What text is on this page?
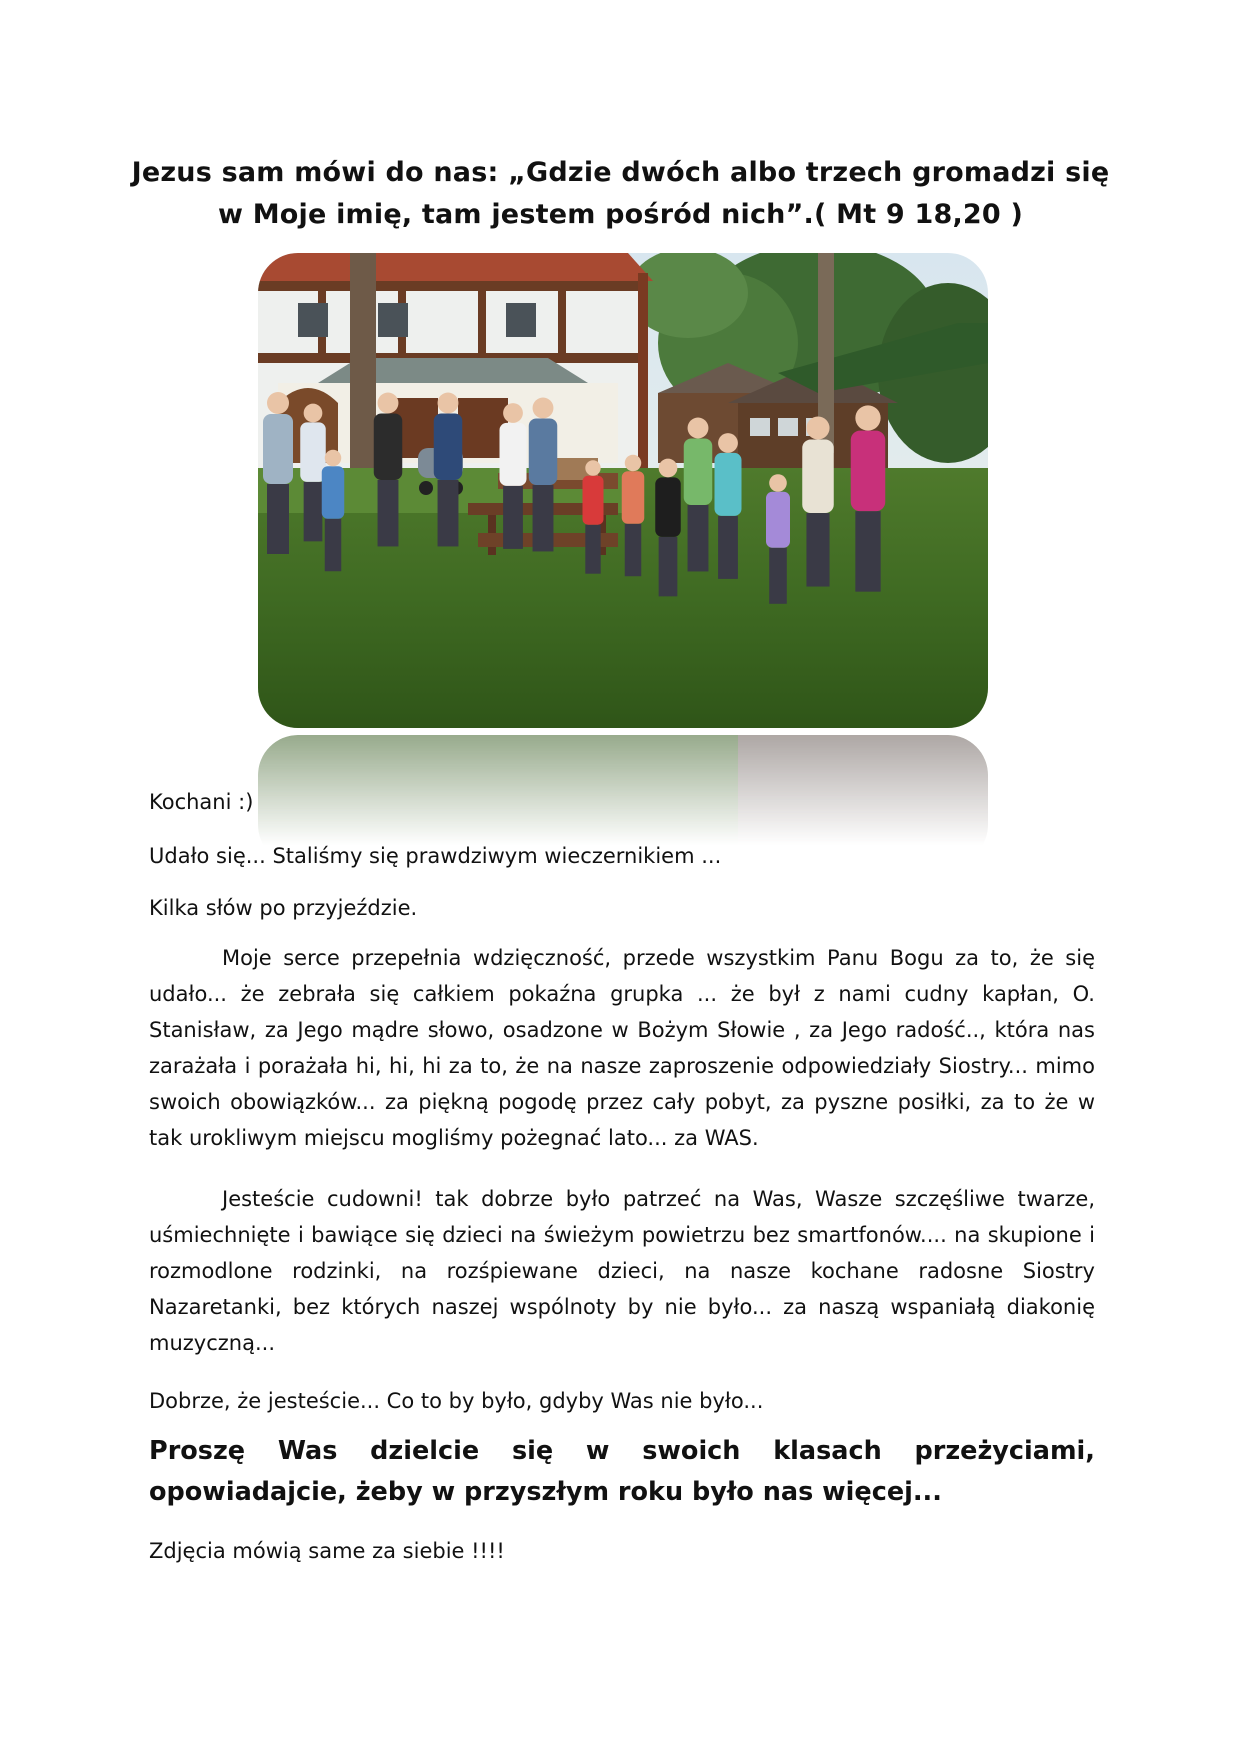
Jezus sam mówi do nas: „Gdzie dwóch albo trzech gromadzi się
w Moje imię, tam jestem pośród nich”.( Mt 9 18,20 )

Kochani :)

Udało się... Staliśmy się prawdziwym wieczernikiem ...

Kilka słów po przyjeździe.

Moje serce przepełnia wdzięczność, przede wszystkim Panu Bogu za to, że się udało... że zebrała się całkiem pokaźna grupka ... że był z nami cudny kapłan, O. Stanisław, za Jego mądre słowo, osadzone w Bożym Słowie , za Jego radość.., która nas zarażała i porażała hi, hi, hi za to, że na nasze zaproszenie odpowiedziały Siostry... mimo swoich obowiązków... za piękną pogodę przez cały pobyt, za pyszne posiłki, za to że w tak urokliwym miejscu mogliśmy pożegnać lato... za WAS.

Jesteście cudowni! tak dobrze było patrzeć na Was, Wasze szczęśliwe twarze, uśmiechnięte i bawiące się dzieci na świeżym powietrzu bez smartfonów.... na skupione i rozmodlone rodzinki, na rozśpiewane dzieci, na nasze kochane radosne Siostry Nazaretanki, bez których naszej wspólnoty by nie było... za naszą wspaniałą diakonię muzyczną...

Dobrze, że jesteście... Co to by było, gdyby Was nie było...

Proszę Was dzielcie się w swoich klasach przeżyciami, opowiadajcie, żeby w przyszłym roku było nas więcej...

Zdjęcia mówią same za siebie !!!!
